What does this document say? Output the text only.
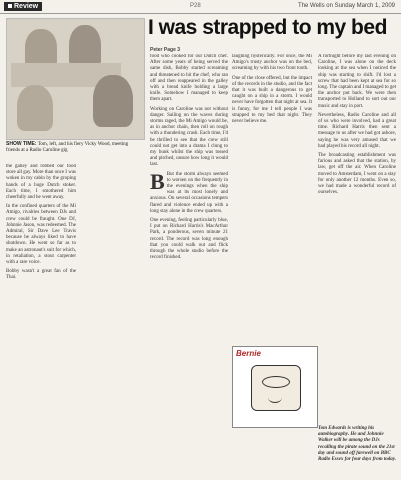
Review	P28	The Wells on Sunday March 1, 2009
SHOW TIME: Tom, left, and his fiery Vicky Wood, meeting friends at a Radio Caroline gig
I was strapped to my bed
Peter Page 3

the galley and robbed our food store all gay. More than once I was woken in my cabin by the groping hands of a huge Dutch stoker. Each time, I smothered him cheerfully and he went away.

In the confined quarters of the Mi Amigo, rivalries between DJs and crew could be fraught. One DJ, Johnnie Jason, was redeemed. The Admiral, Sir Dave Lee Travis because he always liked to have shutdown. He went so far as to make an astronaut's suit for which, in retaliation, a stout carpenter with a rare voice.

Bobby wasn't a great fan of the Thai.

food who cooked for our Dutch chef. After some years of being served the same dish, Bobby started screaming and threatened to hit the chef, who ran off and then reappeared in the galley with a bread knife holding a large knife. Somehow I managed to keep them apart.

Working on Caroline was not without danger. Sailing on the waves during storms raged, the Mi Amigo would be, as in anchor chain, then roll on rough with a thundering crash. Each time, I'd be thrilled to see that the crew still could not get into a drama I clung to my bunk whilst the ship was tossed and pitched, unsure how long it would last.

B But the storm always seemed to worsen on the frequently in the evenings when the ship was at its most lonely and anxious. On several occasions tempers flared and violence ended up with a long stay alone in the crew quarters.

One evening, feeling particularly blue, I put on Richard Harris's MacArthur Park, a ponderous, seven minute 21 record. The record was long enough that you could walk out and flick through the whole studio before the record finished.

laughing hysterically. For once, the Mi Amigo's trusty anchor was on the bed, screaming by with his two front tooth.

One of the close offered, but the impact of the records in the studio, and the fact that it was built a dangerous to get caught on a ship in a storm. I would never have forgotten that night at sea. It is funny, for me I tell people I was strapped to my bed that night. They never believe me.

A fortnight before my last evening on Caroline, I was alone on the deck looking at the sea when I noticed the ship was starting to shift. I'd lost a screw that had been kept at sea for so long. The captain and I managed to get the anchor put back. We were then transported to Holland to sort out our music and stay in port.

Nevertheless, Radio Caroline and all of us who were involved, had a great time. Richard Harris then sent a message to us after we had got ashore, saying he was very amused that we had played his record all night.

The broadcasting establishment was furious and asked that the station, by law, get off the air. When Caroline moved to Amsterdam, I went on a stay for only another 12 months. Even so, we had made a wonderful record of ourselves.

Bernie
Tom Edwards is writing his autobiography. He and Johnnie Walker will be among the DJs recalling the pirate sound on the 21st day and sound off farewell on BBC Radio Essex for four days from today.
